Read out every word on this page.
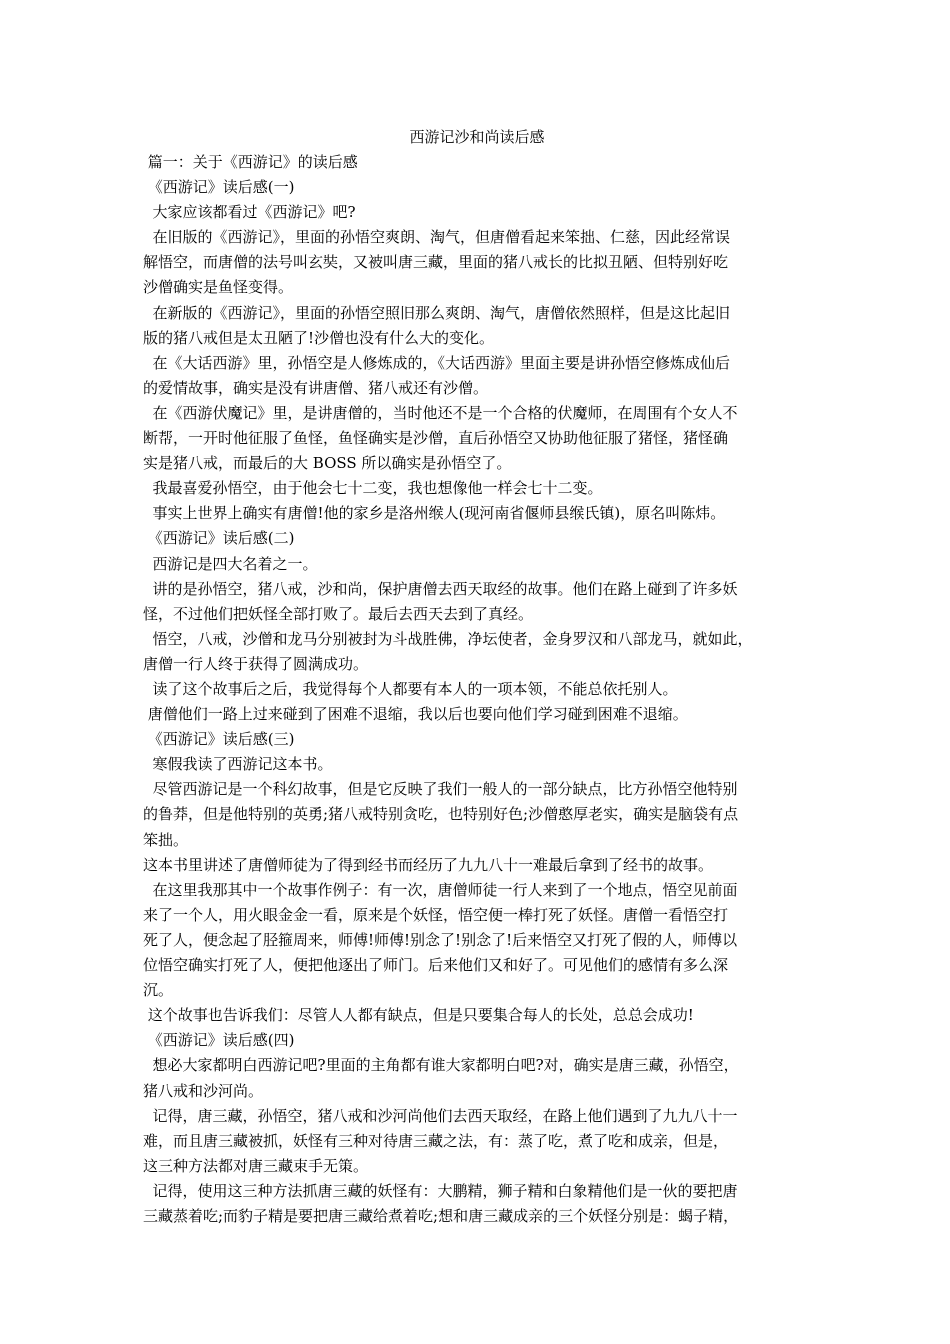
西游记沙和尚读后感

篇一：关于《西游记》的读后感

《西游记》读后感(一)

大家应该都看过《西游记》吧?

在旧版的《西游记》，里面的孙悟空爽朗、淘气，但唐僧看起来笨拙、仁慈，因此经常误
解悟空，而唐僧的法号叫玄奘，又被叫唐三藏，里面的猪八戒长的比拟丑陋、但特别好吃
沙僧确实是鱼怪变得。

在新版的《西游记》，里面的孙悟空照旧那么爽朗、淘气，唐僧依然照样，但是这比起旧
版的猪八戒但是太丑陋了!沙僧也没有什么大的变化。

在《大话西游》里，孙悟空是人修炼成的，《大话西游》里面主要是讲孙悟空修炼成仙后
的爱情故事，确实是没有讲唐僧、猪八戒还有沙僧。

在《西游伏魔记》里，是讲唐僧的，当时他还不是一个合格的伏魔师，在周围有个女人不
断帮，一开时他征服了鱼怪，鱼怪确实是沙僧，直后孙悟空又协助他征服了猪怪，猪怪确
实是猪八戒，而最后的大 BOSS 所以确实是孙悟空了。

我最喜爱孙悟空，由于他会七十二变，我也想像他一样会七十二变。

事实上世界上确实有唐僧!他的家乡是洛州缑人(现河南省偃师县缑氏镇)，原名叫陈炜。

《西游记》读后感(二)

西游记是四大名着之一。

讲的是孙悟空，猪八戒，沙和尚，保护唐僧去西天取经的故事。他们在路上碰到了许多妖
怪，不过他们把妖怪全部打败了。最后去西天去到了真经。

悟空，八戒，沙僧和龙马分别被封为斗战胜佛，净坛使者，金身罗汉和八部龙马，就如此，
唐僧一行人终于获得了圆满成功。

读了这个故事后之后，我觉得每个人都要有本人的一项本领，不能总依托别人。

唐僧他们一路上过来碰到了困难不退缩，我以后也要向他们学习碰到困难不退缩。

《西游记》读后感(三)

寒假我读了西游记这本书。

尽管西游记是一个科幻故事，但是它反映了我们一般人的一部分缺点，比方孙悟空他特别
的鲁莽，但是他特别的英勇;猪八戒特别贪吃，也特别好色;沙僧憨厚老实，确实是脑袋有点
笨拙。

这本书里讲述了唐僧师徒为了得到经书而经历了九九八十一难最后拿到了经书的故事。

在这里我那其中一个故事作例子：有一次，唐僧师徒一行人来到了一个地点，悟空见前面
来了一个人，用火眼金金一看，原来是个妖怪，悟空便一棒打死了妖怪。唐僧一看悟空打
死了人，便念起了胫箍周来，师傅!师傅!别念了!别念了!后来悟空又打死了假的人，师傅以
位悟空确实打死了人，便把他逐出了师门。后来他们又和好了。可见他们的感情有多么深
沉。

这个故事也告诉我们：尽管人人都有缺点，但是只要集合每人的长处，总总会成功!

《西游记》读后感(四)

想必大家都明白西游记吧?里面的主角都有谁大家都明白吧?对，确实是唐三藏，孙悟空，
猪八戒和沙河尚。

记得，唐三藏，孙悟空，猪八戒和沙河尚他们去西天取经，在路上他们遇到了九九八十一
难，而且唐三藏被抓，妖怪有三种对待唐三藏之法，有：蒸了吃，煮了吃和成亲，但是，
这三种方法都对唐三藏束手无策。

记得，使用这三种方法抓唐三藏的妖怪有：大鹏精，狮子精和白象精他们是一伙的要把唐
三藏蒸着吃;而豹子精是要把唐三藏给煮着吃;想和唐三藏成亲的三个妖怪分别是：蝎子精，
